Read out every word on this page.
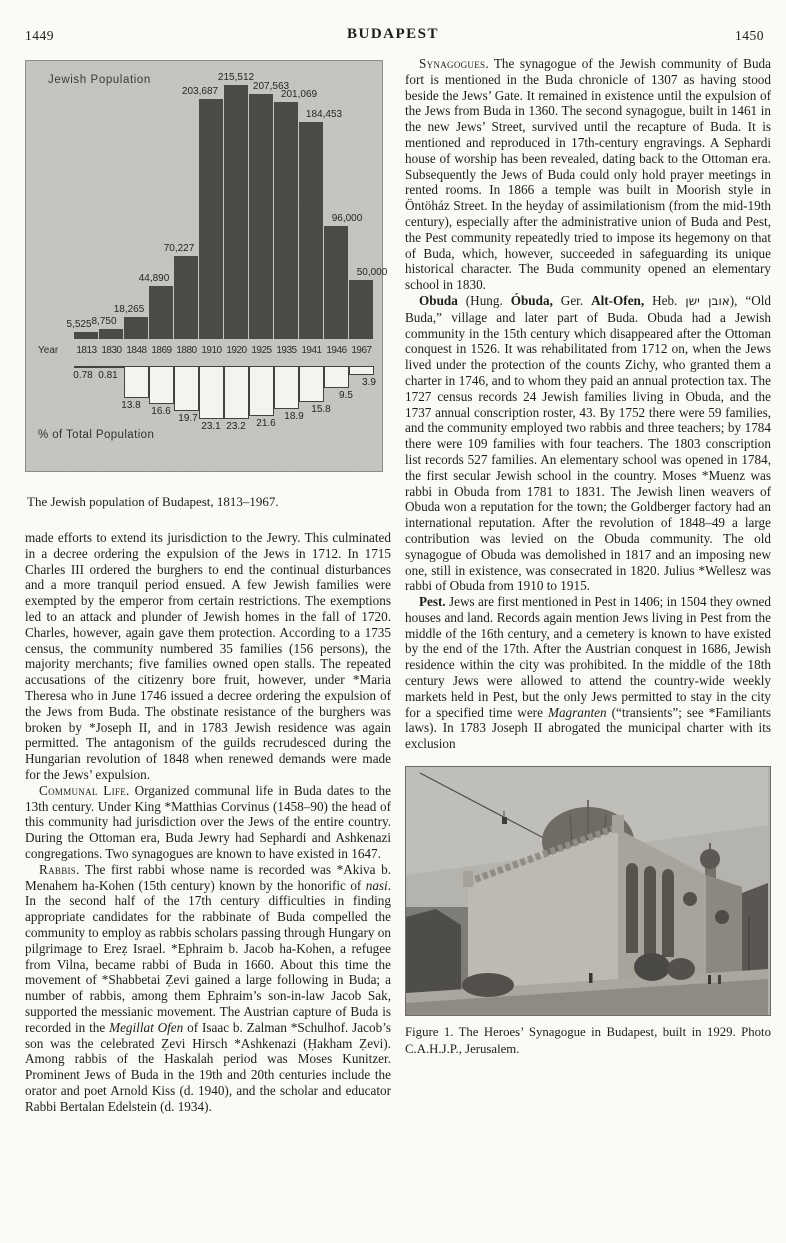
1449	BUDAPEST	1450
Jewish Population
5,525 8,750
18,265
44,890
70,227
203,687
215,512
207,563
201,069
184,453
96,000
50,000
Year 1813 1830 1848 1869 1880 1910 1920 1925 1935 1941 1946 1967
0.78 0.81
13.8
16.6
19.7
23.1 23.2	21.6
18.9
15.8
9.5
3.9
% of Total Population

The Jewish population of Budapest, 1813–1967.

made efforts to extend its jurisdiction to the Jewry. This culminated in a decree ordering the expulsion of the Jews in 1712. In 1715 Charles III ordered the burghers to end the continual disturbances and a more tranquil period ensued. A few Jewish families were exempted by the emperor from certain restrictions. The exemptions led to an attack and plunder of Jewish homes in the fall of 1720. Charles, however, again gave them protection. According to a 1735 census, the community numbered 35 families (156 persons), the majority merchants; five families owned open stalls. The repeated accusations of the citizenry bore fruit, however, under *Maria Theresa who in June 1746 issued a decree ordering the expulsion of the Jews from Buda. The obstinate resistance of the burghers was broken by *Joseph II, and in 1783 Jewish residence was again permitted. The antagonism of the guilds recrudesced during the Hungarian revolution of 1848 when renewed demands were made for the Jews’ expulsion.

Communal Life. Organized communal life in Buda dates to the 13th century. Under King *Matthias Corvinus (1458–90) the head of this community had jurisdiction over the Jews of the entire country. During the Ottoman era, Buda Jewry had Sephardi and Ashkenazi congregations. Two synagogues are known to have existed in 1647.

Rabbis. The first rabbi whose name is recorded was *Akiva b. Menahem ha-Kohen (15th century) known by the honorific of nasi. In the second half of the 17th century difficulties in finding appropriate candidates for the rabbinate of Buda compelled the community to employ as rabbis scholars passing through Hungary on pilgrimage to Ereẓ Israel. *Ephraim b. Jacob ha-Kohen, a refugee from Vilna, became rabbi of Buda in 1660. About this time the movement of *Shabbetai Ẓevi gained a large following in Buda; a number of rabbis, among them Ephraim’s son-in-law Jacob Sak, supported the messianic movement. The Austrian capture of Buda is recorded in the Megillat Ofen of Isaac b. Zalman *Schulhof. Jacob’s son was the celebrated Ẓevi Hirsch *Ashkenazi (Ḥakham Ẓevi). Among rabbis of the Haskalah period was Moses Kunitzer. Prominent Jews of Buda in the 19th and 20th centuries include the orator and poet Arnold Kiss (d. 1940), and the scholar and educator Rabbi Bertalan Edelstein (d. 1934).

Synagogues. The synagogue of the Jewish community of Buda fort is mentioned in the Buda chronicle of 1307 as having stood beside the Jews’ Gate. It remained in existence until the expulsion of the Jews from Buda in 1360. The second synagogue, built in 1461 in the new Jews’ Street, survived until the recapture of Buda. It is mentioned and reproduced in 17th-century engravings. A Sephardi house of worship has been revealed, dating back to the Ottoman era. Subsequently the Jews of Buda could only hold prayer meetings in rented rooms. In 1866 a temple was built in Moorish style in Öntöház Street. In the heyday of assimilationism (from the mid-19th century), especially after the administrative union of Buda and Pest, the Pest community repeatedly tried to impose its hegemony on that of Buda, which, however, succeeded in safeguarding its unique historical character. The Buda community opened an elementary school in 1830.

Obuda (Hung. Óbuda, Ger. Alt-Ofen, Heb. אובן ישן), “Old Buda,” village and later part of Buda. Obuda had a Jewish community in the 15th century which disappeared after the Ottoman conquest in 1526. It was rehabilitated from 1712 on, when the Jews lived under the protection of the counts Zichy, who granted them a charter in 1746, and to whom they paid an annual protection tax. The 1727 census records 24 Jewish families living in Obuda, and the 1737 annual conscription roster, 43. By 1752 there were 59 families, and the community employed two rabbis and three teachers; by 1784 there were 109 families with four teachers. The 1803 conscription list records 527 families. An elementary school was opened in 1784, the first secular Jewish school in the country. Moses *Muenz was rabbi in Obuda from 1781 to 1831. The Jewish linen weavers of Obuda won a reputation for the town; the Goldberger factory had an international reputation. After the revolution of 1848–49 a large contribution was levied on the Obuda community. The old synagogue of Obuda was demolished in 1817 and an imposing new one, still in existence, was consecrated in 1820. Julius *Wellesz was rabbi of Obuda from 1910 to 1915.

Pest. Jews are first mentioned in Pest in 1406; in 1504 they owned houses and land. Records again mention Jews living in Pest from the middle of the 16th century, and a cemetery is known to have existed by the end of the 17th. After the Austrian conquest in 1686, Jewish residence within the city was prohibited. In the middle of the 18th century Jews were allowed to attend the country-wide weekly markets held in Pest, but the only Jews permitted to stay in the city for a specified time were Magranten (“transients”; see *Familiants laws). In 1783 Joseph II abrogated the municipal charter with its exclusion

Figure 1. The Heroes’ Synagogue in Budapest, built in 1929. Photo C.A.H.J.P., Jerusalem.
